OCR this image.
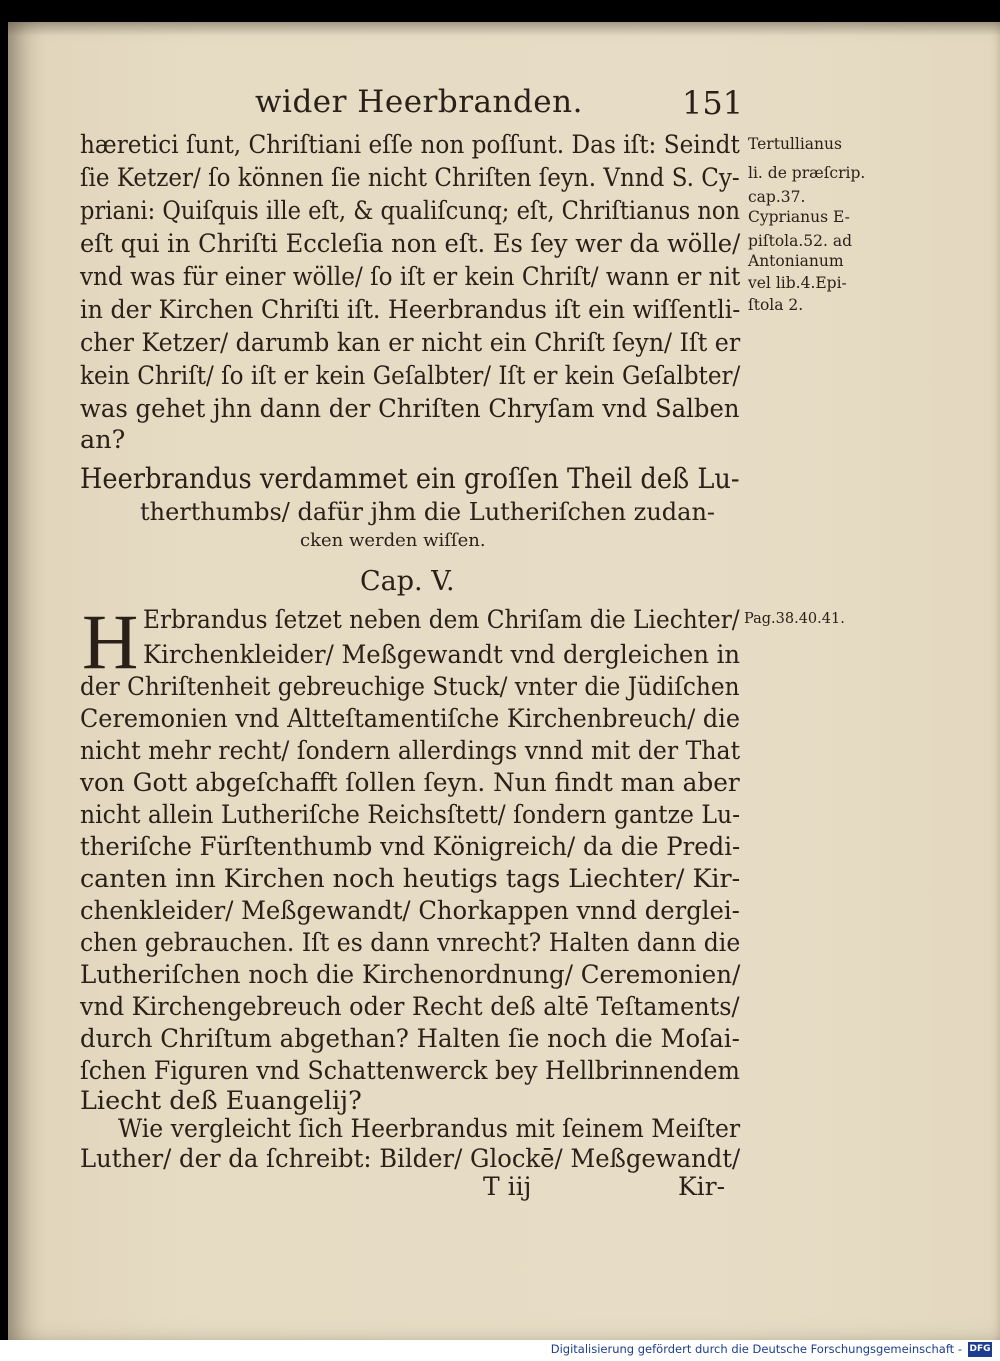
wider Heerbranden.	151
hæretici ſunt, Chriſtiani eſſe non poſſunt. Das iſt: Seindt
ſie Ketzer/ ſo können ſie nicht Chriſten ſeyn. Vnnd S. Cy-
priani: Quiſquis ille eſt, & qualiſcunq; eſt, Chriſtianus non
eſt qui in Chriſti Eccleſia non eſt. Es ſey wer da wölle/
vnd was für einer wölle/ ſo iſt er kein Chriſt/ wann er nit
in der Kirchen Chriſti iſt. Heerbrandus iſt ein wiſſentli-
cher Ketzer/ darumb kan er nicht ein Chriſt ſeyn/ Iſt er
kein Chriſt/ ſo iſt er kein Geſalbter/ Iſt er kein Geſalbter/
was gehet jhn dann der Chriſten Chryſam vnd Salben
an?
Tertullianus
li. de præſcrip.
cap.37.
Cyprianus E-
piſtola.52. ad
Antonianum
vel lib.4.Epi-
ſtola 2.
Heerbrandus verdammet ein groſſen Theil deß Lu-
therthumbs/ dafür jhm die Lutheriſchen zudan-
cken werden wiſſen.
Cap. V.
H	Pag.38.40.41.
Erbrandus ſetzet neben dem Chriſam die Liechter/
Kirchenkleider/ Meßgewandt vnd dergleichen in
der Chriſtenheit gebreuchige Stuck/ vnter die Jüdiſchen
Ceremonien vnd Altteſtamentiſche Kirchenbreuch/ die
nicht mehr recht/ ſondern allerdings vnnd mit der That
von Gott abgeſchafft ſollen ſeyn. Nun findt man aber
nicht allein Lutheriſche Reichsſtett/ ſondern gantze Lu-
theriſche Fürſtenthumb vnd Königreich/ da die Predi-
canten inn Kirchen noch heutigs tags Liechter/ Kir-
chenkleider/ Meßgewandt/ Chorkappen vnnd derglei-
chen gebrauchen. Iſt es dann vnrecht? Halten dann die
Lutheriſchen noch die Kirchenordnung/ Ceremonien/
vnd Kirchengebreuch oder Recht deß altē Teſtaments/
durch Chriſtum abgethan? Halten ſie noch die Moſai-
ſchen Figuren vnd Schattenwerck bey Hellbrinnendem
Liecht deß Euangelij?
Wie vergleicht ſich Heerbrandus mit ſeinem Meiſter
Luther/ der da ſchreibt: Bilder/ Glockē/ Meßgewandt/
T iij	Kir-
Digitalisierung gefördert durch die Deutsche Forschungsgemeinschaft - DFG
